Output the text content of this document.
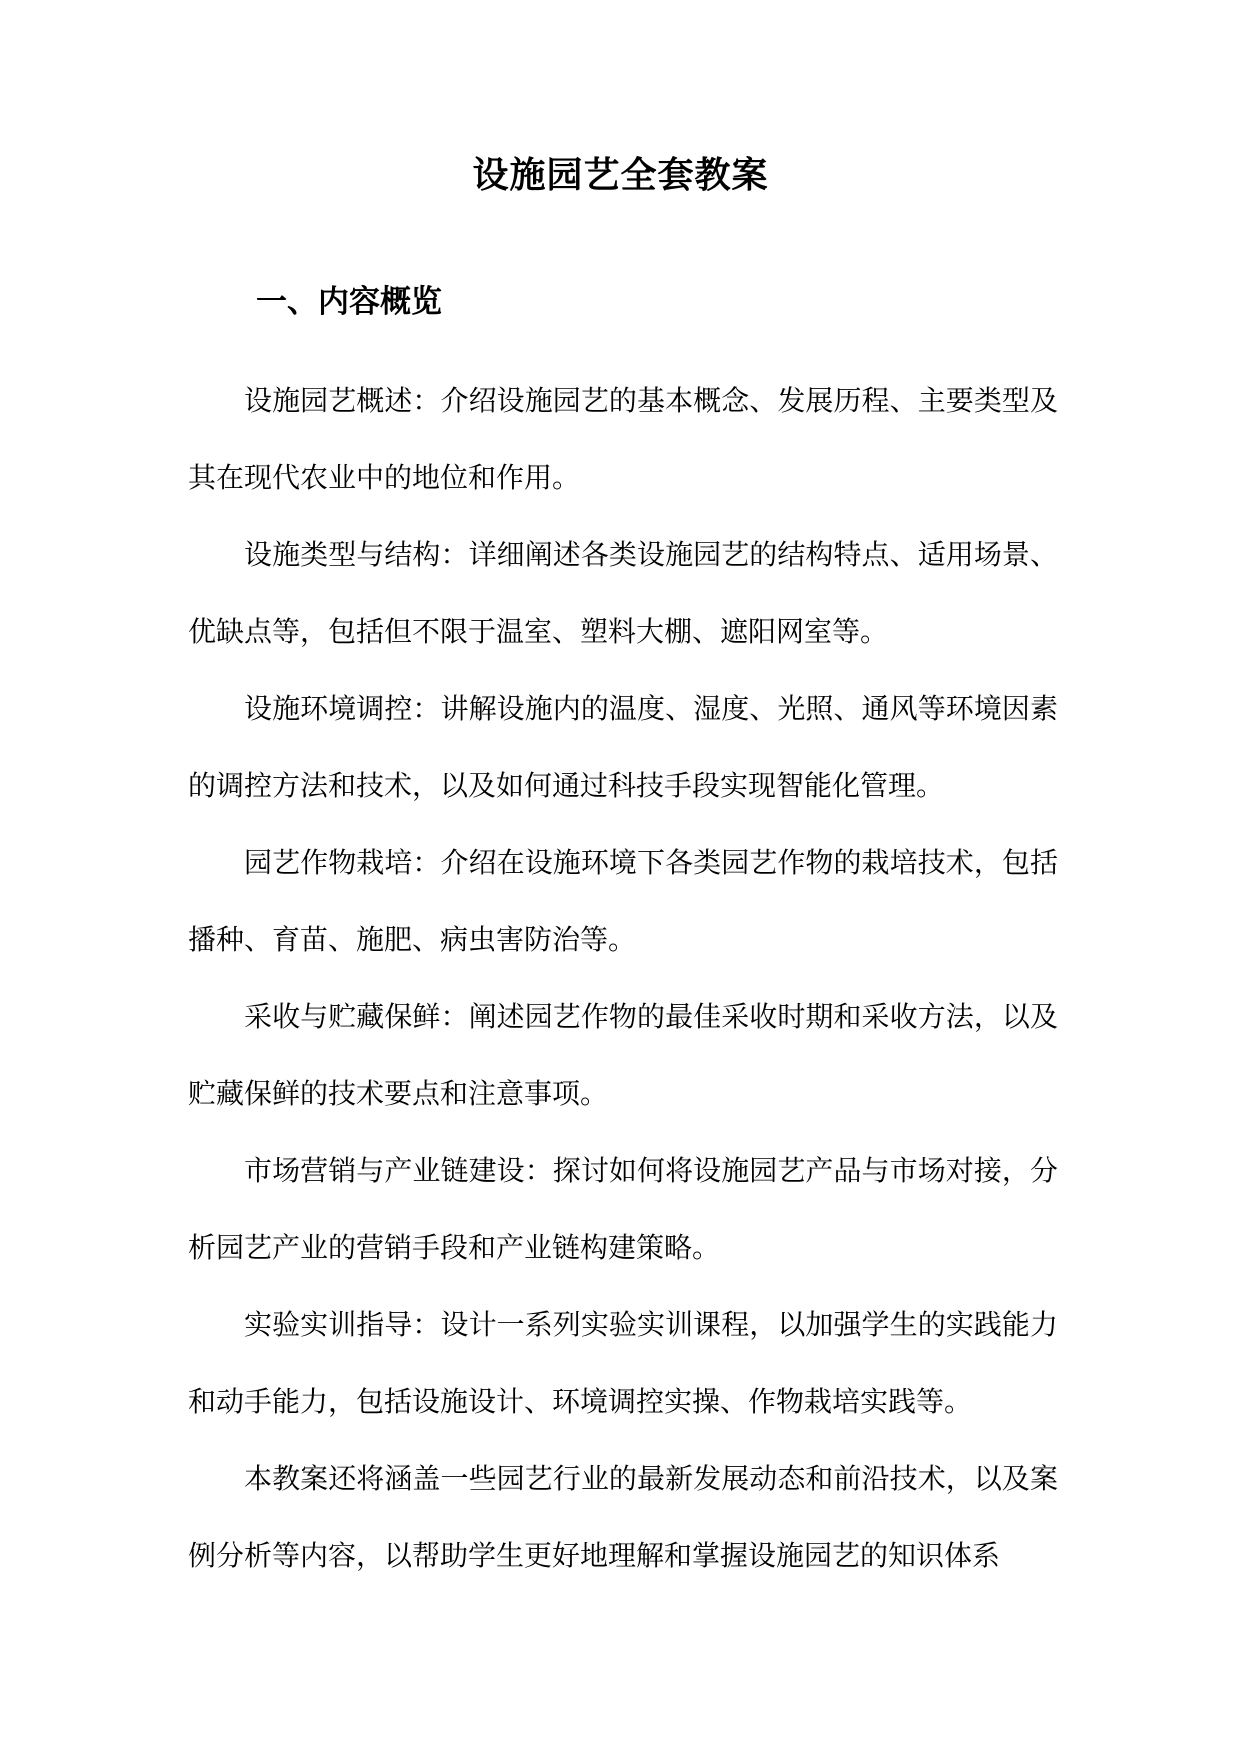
设施园艺全套教案
一、内容概览

设施园艺概述：介绍设施园艺的基本概念、发展历程、主要类型及其在现代农业中的地位和作用。

设施类型与结构：详细阐述各类设施园艺的结构特点、适用场景、优缺点等，包括但不限于温室、塑料大棚、遮阳网室等。

设施环境调控：讲解设施内的温度、湿度、光照、通风等环境因素的调控方法和技术，以及如何通过科技手段实现智能化管理。

园艺作物栽培：介绍在设施环境下各类园艺作物的栽培技术，包括播种、育苗、施肥、病虫害防治等。

采收与贮藏保鲜：阐述园艺作物的最佳采收时期和采收方法，以及贮藏保鲜的技术要点和注意事项。

市场营销与产业链建设：探讨如何将设施园艺产品与市场对接，分析园艺产业的营销手段和产业链构建策略。

实验实训指导：设计一系列实验实训课程，以加强学生的实践能力和动手能力，包括设施设计、环境调控实操、作物栽培实践等。

本教案还将涵盖一些园艺行业的最新发展动态和前沿技术，以及案例分析等内容，以帮助学生更好地理解和掌握设施园艺的知识体系
